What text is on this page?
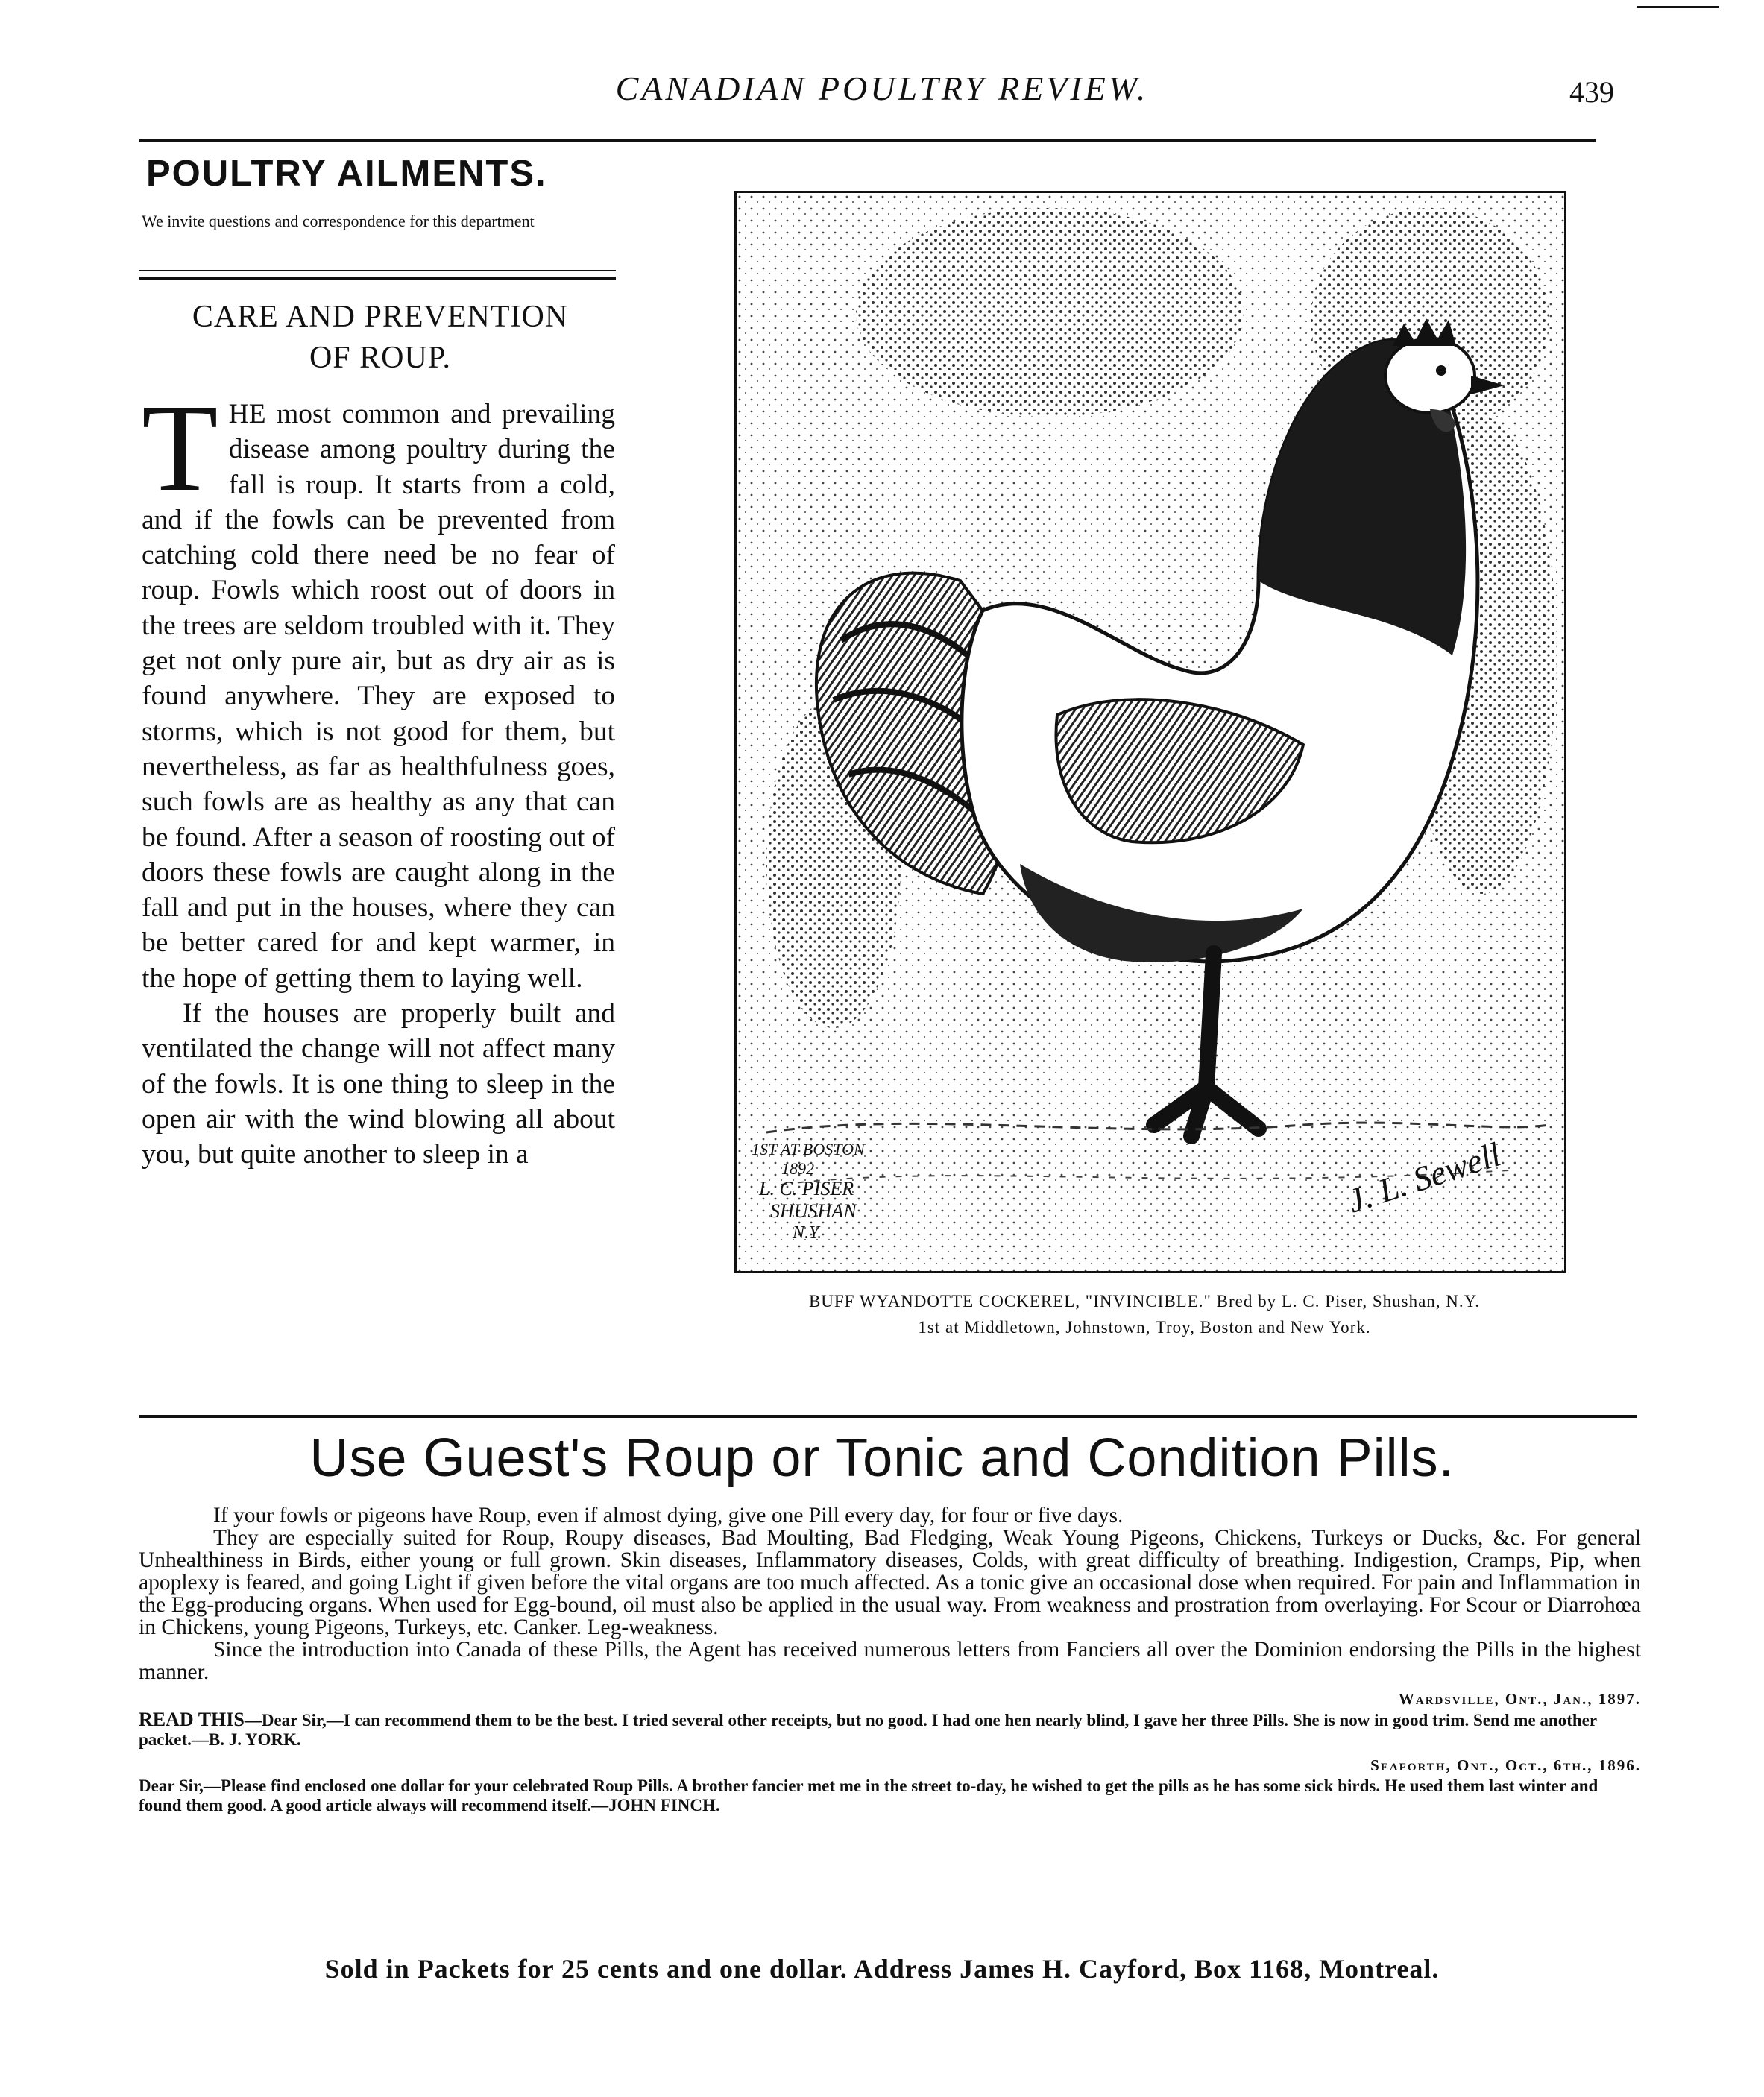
CANADIAN POULTRY REVIEW.	439
POULTRY AILMENTS.
We invite questions and correspondence for this department
CARE AND PREVENTION
OF ROUP.

THE most common and prevailing disease among poultry during the fall is roup. It starts from a cold, and if the fowls can be prevented from catching cold there need be no fear of roup. Fowls which roost out of doors in the trees are seldom troubled with it. They get not only pure air, but as dry air as is found anywhere. They are exposed to storms, which is not good for them, but nevertheless, as far as healthfulness goes, such fowls are as healthy as any that can be found. After a season of roosting out of doors these fowls are caught along in the fall and put in the houses, where they can be better cared for and kept warmer, in the hope of getting them to laying well.

If the houses are properly built and ventilated the change will not affect many of the fowls. It is one thing to sleep in the open air with the wind blowing all about you, but quite another to sleep in a	1ST AT BOSTON
1892
L. C. PISER
SHUSHAN
N.Y.
J. L. Sewell
BUFF WYANDOTTE COCKEREL, "INVINCIBLE." Bred by L. C. Piser, Shushan, N.Y.
1st at Middletown, Johnstown, Troy, Boston and New York.
Use Guest's Roup or Tonic and Condition Pills.

If your fowls or pigeons have Roup, even if almost dying, give one Pill every day, for four or five days.

They are especially suited for Roup, Roupy diseases, Bad Moulting, Bad Fledging, Weak Young Pigeons, Chickens, Turkeys or Ducks, &c. For general Unhealthiness in Birds, either young or full grown. Skin diseases, Inflammatory diseases, Colds, with great difficulty of breathing. Indigestion, Cramps, Pip, when apoplexy is feared, and going Light if given before the vital organs are too much affected. As a tonic give an occasional dose when required. For pain and Inflammation in the Egg-producing organs. When used for Egg-bound, oil must also be applied in the usual way. From weakness and prostration from overlaying. For Scour or Diarrohœa in Chickens, young Pigeons, Turkeys, etc. Canker. Leg-weakness.

Since the introduction into Canada of these Pills, the Agent has received numerous letters from Fanciers all over the Dominion endorsing the Pills in the highest manner.

Wardsville, Ont., Jan., 1897.
READ THIS—Dear Sir,—I can recommend them to be the best. I tried several other receipts, but no good. I had one hen nearly blind, I gave her three Pills. She is now in good trim. Send me another packet.—B. J. YORK.
Seaforth, Ont., Oct., 6th., 1896.
Dear Sir,—Please find enclosed one dollar for your celebrated Roup Pills. A brother fancier met me in the street to-day, he wished to get the pills as he has some sick birds. He used them last winter and found them good. A good article always will recommend itself.—JOHN FINCH.
Sold in Packets for 25 cents and one dollar. Address James H. Cayford, Box 1168, Montreal.
